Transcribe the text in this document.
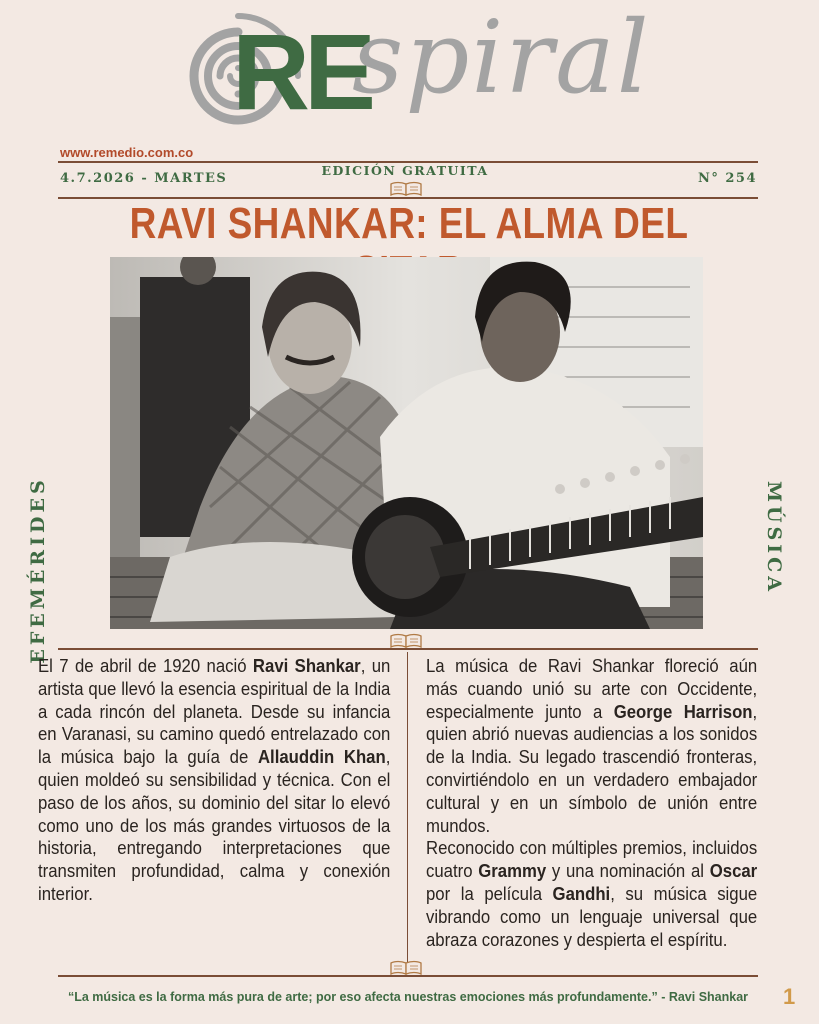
RE
spiral
www.remedio.com.co
4.7.2026 - MARTES
EDICIÓN GRATUITA
N° 254
RAVI SHANKAR: EL ALMA DEL
EFEMÉRIDES	MÚSICA

El 7 de abril de 1920 nació Ravi Shankar, un artista que llevó la esencia espiritual de la India a cada rincón del planeta. Desde su infancia en Varanasi, su camino quedó entrelazado con la música bajo la guía de Allauddin Khan, quien moldeó su sensibilidad y técnica. Con el paso de los años, su dominio del sitar lo elevó como uno de los más grandes virtuosos de la historia, entregando interpretaciones que transmiten profundidad, calma y conexión interior.

La música de Ravi Shankar floreció aún más cuando unió su arte con Occidente, especialmente junto a George Harrison, quien abrió nuevas audiencias a los sonidos de la India. Su legado trascendió fronteras, convirtiéndolo en un verdadero embajador cultural y en un símbolo de unión entre mundos.

Reconocido con múltiples premios, incluidos cuatro Grammy y una nominación al Oscar por la película Gandhi, su música sigue vibrando como un lenguaje universal que abraza corazones y despierta el espíritu.

“La música es la forma más pura de arte; por eso afecta nuestras emociones más profundamente.” - Ravi Shankar	1
